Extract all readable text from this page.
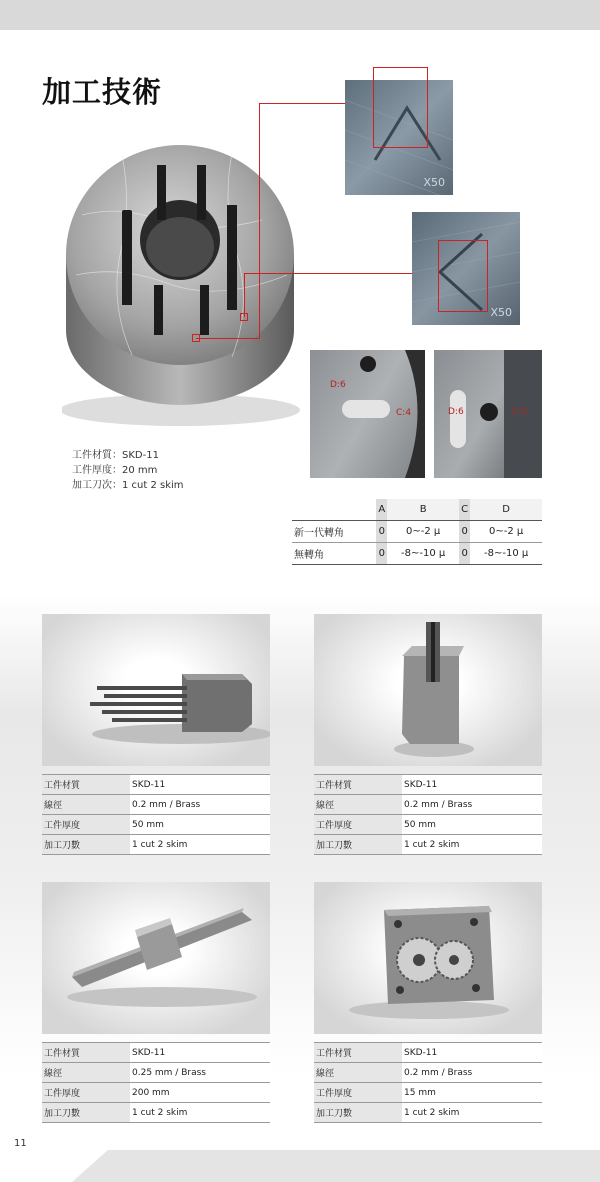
加工技術
工件材質：SKD-11
工件厚度：20 mm
加工刀次：1 cut 2 skim
X50
X50
D:6
C:4	D:6	C:3
	A	B	C	D
新一代轉角	0	0~-2 μ	0	0~-2 μ
無轉角	0	-8~-10 μ	0	-8~-10 μ
工件材質	SKD-11
線徑	0.2 mm / Brass
工件厚度	50 mm
加工刀數	1 cut 2 skim
工件材質	SKD-11
線徑	0.2 mm / Brass
工件厚度	50 mm
加工刀數	1 cut 2 skim
工件材質	SKD-11
線徑	0.25 mm / Brass
工件厚度	200 mm
加工刀數	1 cut 2 skim
工件材質	SKD-11
線徑	0.2 mm / Brass
工件厚度	15 mm
加工刀數	1 cut 2 skim
11
